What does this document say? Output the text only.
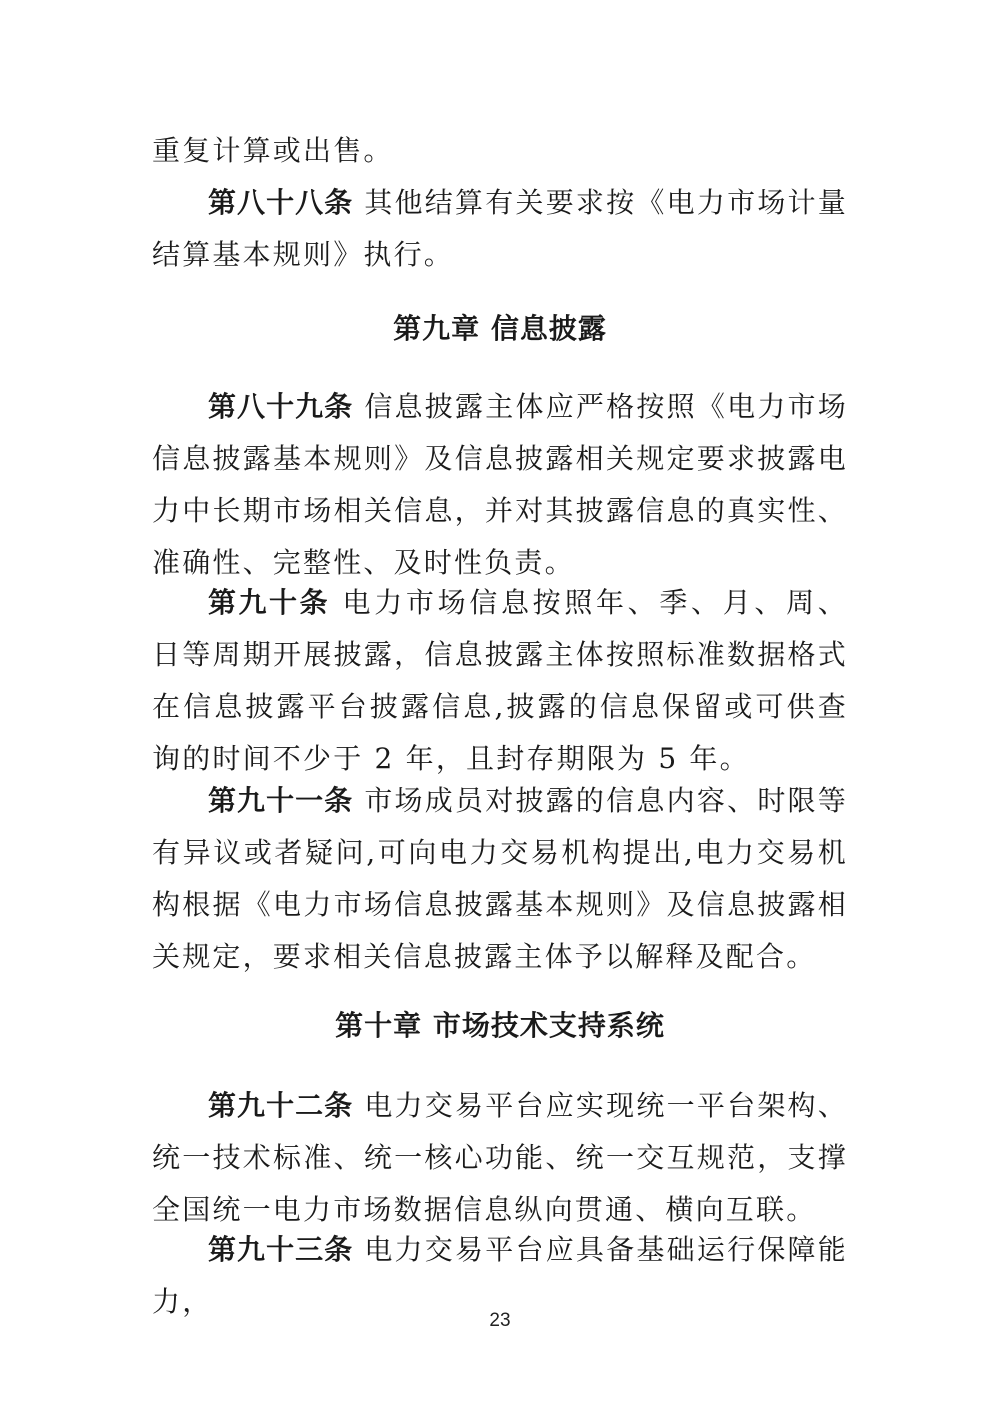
重复计算或出售。

第八十八条 其他结算有关要求按《电力市场计量结算基本规则》执行。

第九章 信息披露

第八十九条 信息披露主体应严格按照《电力市场信息披露基本规则》及信息披露相关规定要求披露电力中长期市场相关信息，并对其披露信息的真实性、准确性、完整性、及时性负责。

第九十条 电力市场信息按照年、季、月、周、日等周期开展披露，信息披露主体按照标准数据格式在信息披露平台披露信息,披露的信息保留或可供查询的时间不少于 2 年，且封存期限为 5 年。

第九十一条 市场成员对披露的信息内容、时限等有异议或者疑问,可向电力交易机构提出,电力交易机构根据《电力市场信息披露基本规则》及信息披露相关规定，要求相关信息披露主体予以解释及配合。

第十章 市场技术支持系统

第九十二条 电力交易平台应实现统一平台架构、统一技术标准、统一核心功能、统一交互规范，支撑全国统一电力市场数据信息纵向贯通、横向互联。

第九十三条 电力交易平台应具备基础运行保障能力，

23
